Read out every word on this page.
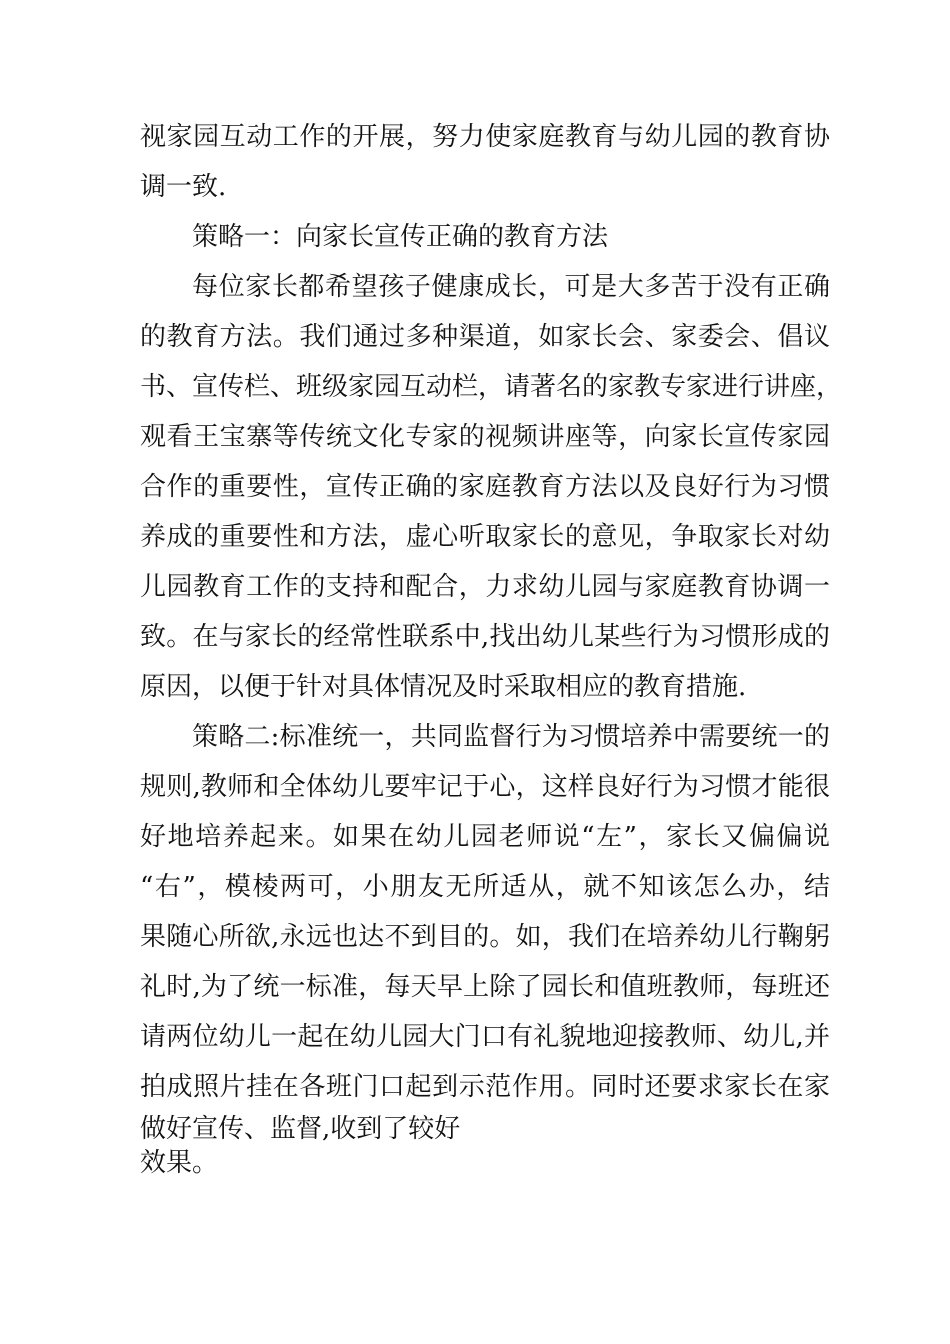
视家园互动工作的开展，努力使家庭教育与幼儿园的教育协
调一致.
策略一：向家长宣传正确的教育方法
每位家长都希望孩子健康成长，可是大多苦于没有正确
的教育方法。我们通过多种渠道，如家长会、家委会、倡议
书、宣传栏、班级家园互动栏，请著名的家教专家进行讲座，
观看王宝寨等传统文化专家的视频讲座等，向家长宣传家园
合作的重要性，宣传正确的家庭教育方法以及良好行为习惯
养成的重要性和方法，虚心听取家长的意见，争取家长对幼
儿园教育工作的支持和配合，力求幼儿园与家庭教育协调一
致。在与家长的经常性联系中,找出幼儿某些行为习惯形成的
原因，以便于针对具体情况及时采取相应的教育措施.
策略二:标准统一，共同监督行为习惯培养中需要统一的
规则,教师和全体幼儿要牢记于心，这样良好行为习惯才能很
好地培养起来。如果在幼儿园老师说“左”，家长又偏偏说
“右”，模棱两可，小朋友无所适从，就不知该怎么办，结
果随心所欲,永远也达不到目的。如，我们在培养幼儿行鞠躬
礼时,为了统一标准，每天早上除了园长和值班教师，每班还
请两位幼儿一起在幼儿园大门口有礼貌地迎接教师、幼儿,并
拍成照片挂在各班门口起到示范作用。同时还要求家长在家
做好宣传、监督,收到了较好
效果。
